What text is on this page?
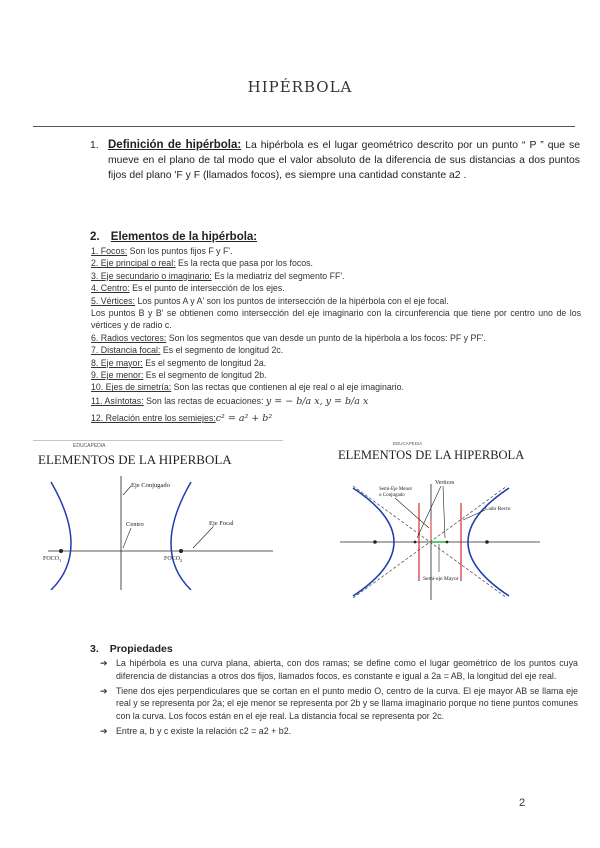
HIPÉRBOLA
1. Definición de hipérbola: La hipérbola es el lugar geométrico descrito por un punto “ P ” que se mueve en el plano de tal modo que el valor absoluto de la diferencia de sus distancias a dos puntos fijos del plano 'F y F (llamados focos), es siempre una cantidad constante a2 .
2. Elementos de la hipérbola:
1. Focos: Son los puntos fijos F y F'.
2. Eje principal o real: Es la recta que pasa por los focos.
3. Eje secundario o imaginario: Es la mediatriz del segmento FF'.
4. Centro: Es el punto de intersección de los ejes.
5. Vértices: Los puntos A y A' son los puntos de intersección de la hipérbola con el eje focal.
Los puntos B y B' se obtienen como intersección del eje imaginario con la circunferencia que tiene por centro uno de los vértices y de radio c.
6. Radios vectores: Son los segmentos que van desde un punto de la hipérbola a los focos: PF y PF'.
7. Distancia focal: Es el segmento de longitud 2c.
8. Eje mayor: Es el segmento de longitud 2a.
9. Eje menor: Es el segmento de longitud 2b.
10. Ejes de simetría: Son las rectas que contienen al eje real o al eje imaginario.
11. Asíntotas: Son las rectas de ecuaciones: y = − b/a x, y = b/a x
12. Relación entre los semiejes:c² = a² + b²
EDUCAPEDIA
ELEMENTOS DE LA HIPERBOLA
Eje Conjugado
Centro	Eje Focal
$FOCO_1$	$FOCO_2$
EDUCAPEDIA
ELEMENTOS DE LA HIPERBOLA
Semi-Eje Menor
o Conjugado
Vertices
Lado Recto
Semi-eje Mayor
3. Propiedades
➔ La hipérbola es una curva plana, abierta, con dos ramas; se define como el lugar geométrico de los puntos cuya diferencia de distancias a otros dos fijos, llamados focos, es constante e igual a 2a = AB, la longitud del eje real.
➔ Tiene dos ejes perpendiculares que se cortan en el punto medio O, centro de la curva. El eje mayor AB se llama eje real y se representa por 2a; el eje menor se representa por 2b y se llama imaginario porque no tiene puntos comunes con la curva. Los focos están en el eje real. La distancia focal se representa por 2c.
➔ Entre a, b y c existe la relación c2 = a2 + b2.
2
